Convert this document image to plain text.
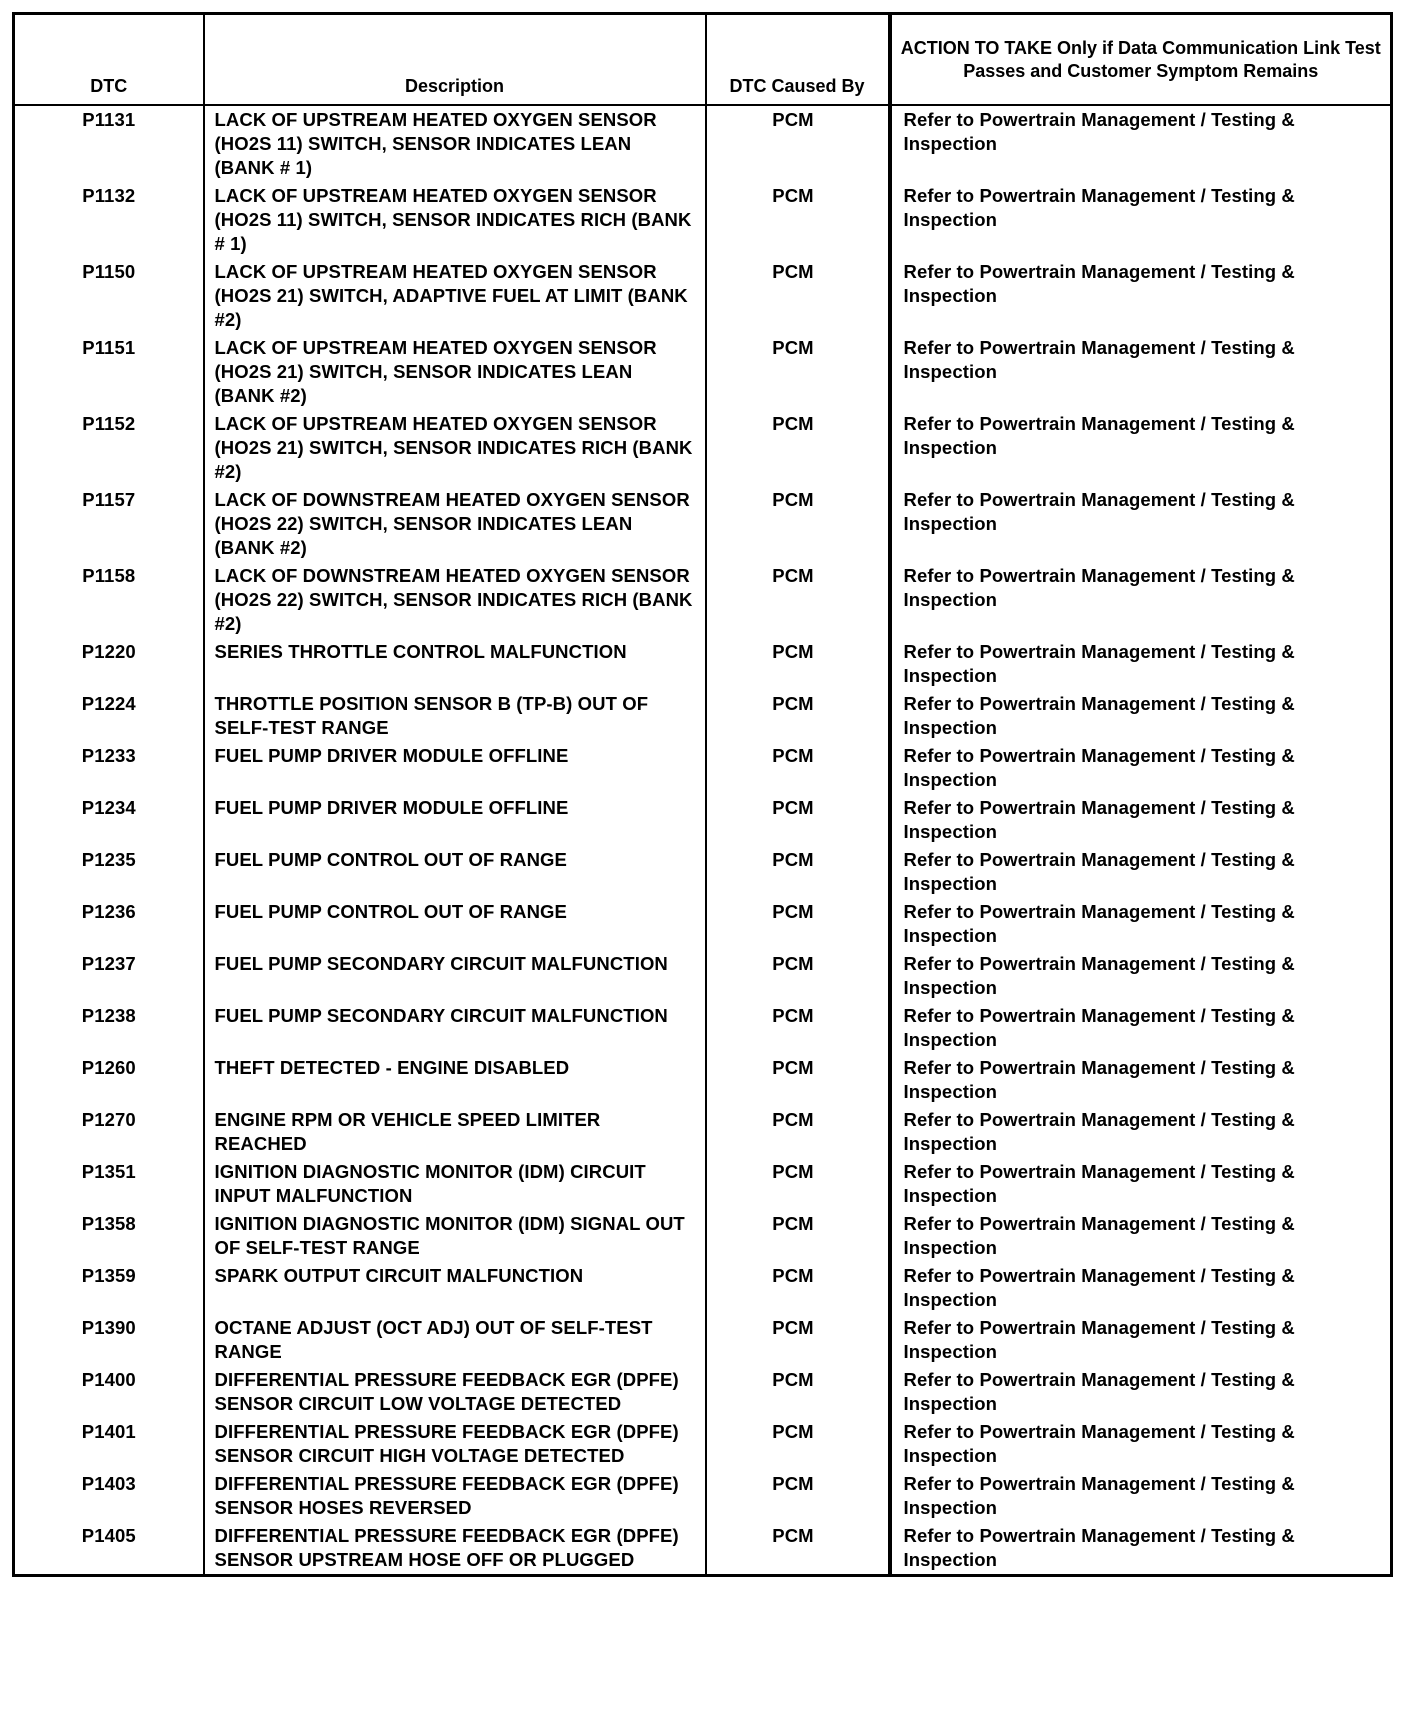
DTC	Description	DTC Caused By	ACTION TO TAKE Only if Data Communication Link Test Passes and Customer Symptom Remains
P1131	LACK OF UPSTREAM HEATED OXYGEN SENSOR (HO2S 11) SWITCH, SENSOR INDICATES LEAN (BANK # 1)	PCM	Refer to Powertrain Management / Testing & Inspection
P1132	LACK OF UPSTREAM HEATED OXYGEN SENSOR (HO2S 11) SWITCH, SENSOR INDICATES RICH (BANK # 1)	PCM	Refer to Powertrain Management / Testing & Inspection
P1150	LACK OF UPSTREAM HEATED OXYGEN SENSOR (HO2S 21) SWITCH, ADAPTIVE FUEL AT LIMIT (BANK #2)	PCM	Refer to Powertrain Management / Testing & Inspection
P1151	LACK OF UPSTREAM HEATED OXYGEN SENSOR (HO2S 21) SWITCH, SENSOR INDICATES LEAN (BANK #2)	PCM	Refer to Powertrain Management / Testing & Inspection
P1152	LACK OF UPSTREAM HEATED OXYGEN SENSOR (HO2S 21) SWITCH, SENSOR INDICATES RICH (BANK #2)	PCM	Refer to Powertrain Management / Testing & Inspection
P1157	LACK OF DOWNSTREAM HEATED OXYGEN SENSOR (HO2S 22) SWITCH, SENSOR INDICATES LEAN (BANK #2)	PCM	Refer to Powertrain Management / Testing & Inspection
P1158	LACK OF DOWNSTREAM HEATED OXYGEN SENSOR (HO2S 22) SWITCH, SENSOR INDICATES RICH (BANK #2)	PCM	Refer to Powertrain Management / Testing & Inspection
P1220	SERIES THROTTLE CONTROL MALFUNCTION	PCM	Refer to Powertrain Management / Testing & Inspection
P1224	THROTTLE POSITION SENSOR B (TP-B) OUT OF SELF-TEST RANGE	PCM	Refer to Powertrain Management / Testing & Inspection
P1233	FUEL PUMP DRIVER MODULE OFFLINE	PCM	Refer to Powertrain Management / Testing & Inspection
P1234	FUEL PUMP DRIVER MODULE OFFLINE	PCM	Refer to Powertrain Management / Testing & Inspection
P1235	FUEL PUMP CONTROL OUT OF RANGE	PCM	Refer to Powertrain Management / Testing & Inspection
P1236	FUEL PUMP CONTROL OUT OF RANGE	PCM	Refer to Powertrain Management / Testing & Inspection
P1237	FUEL PUMP SECONDARY CIRCUIT MALFUNCTION	PCM	Refer to Powertrain Management / Testing & Inspection
P1238	FUEL PUMP SECONDARY CIRCUIT MALFUNCTION	PCM	Refer to Powertrain Management / Testing & Inspection
P1260	THEFT DETECTED - ENGINE DISABLED	PCM	Refer to Powertrain Management / Testing & Inspection
P1270	ENGINE RPM OR VEHICLE SPEED LIMITER REACHED	PCM	Refer to Powertrain Management / Testing & Inspection
P1351	IGNITION DIAGNOSTIC MONITOR (IDM) CIRCUIT INPUT MALFUNCTION	PCM	Refer to Powertrain Management / Testing & Inspection
P1358	IGNITION DIAGNOSTIC MONITOR (IDM) SIGNAL OUT OF SELF-TEST RANGE	PCM	Refer to Powertrain Management / Testing & Inspection
P1359	SPARK OUTPUT CIRCUIT MALFUNCTION	PCM	Refer to Powertrain Management / Testing & Inspection
P1390	OCTANE ADJUST (OCT ADJ) OUT OF SELF-TEST RANGE	PCM	Refer to Powertrain Management / Testing & Inspection
P1400	DIFFERENTIAL PRESSURE FEEDBACK EGR (DPFE) SENSOR CIRCUIT LOW VOLTAGE DETECTED	PCM	Refer to Powertrain Management / Testing & Inspection
P1401	DIFFERENTIAL PRESSURE FEEDBACK EGR (DPFE) SENSOR CIRCUIT HIGH VOLTAGE DETECTED	PCM	Refer to Powertrain Management / Testing & Inspection
P1403	DIFFERENTIAL PRESSURE FEEDBACK EGR (DPFE) SENSOR HOSES REVERSED	PCM	Refer to Powertrain Management / Testing & Inspection
P1405	DIFFERENTIAL PRESSURE FEEDBACK EGR (DPFE) SENSOR UPSTREAM HOSE OFF OR PLUGGED	PCM	Refer to Powertrain Management / Testing & Inspection
